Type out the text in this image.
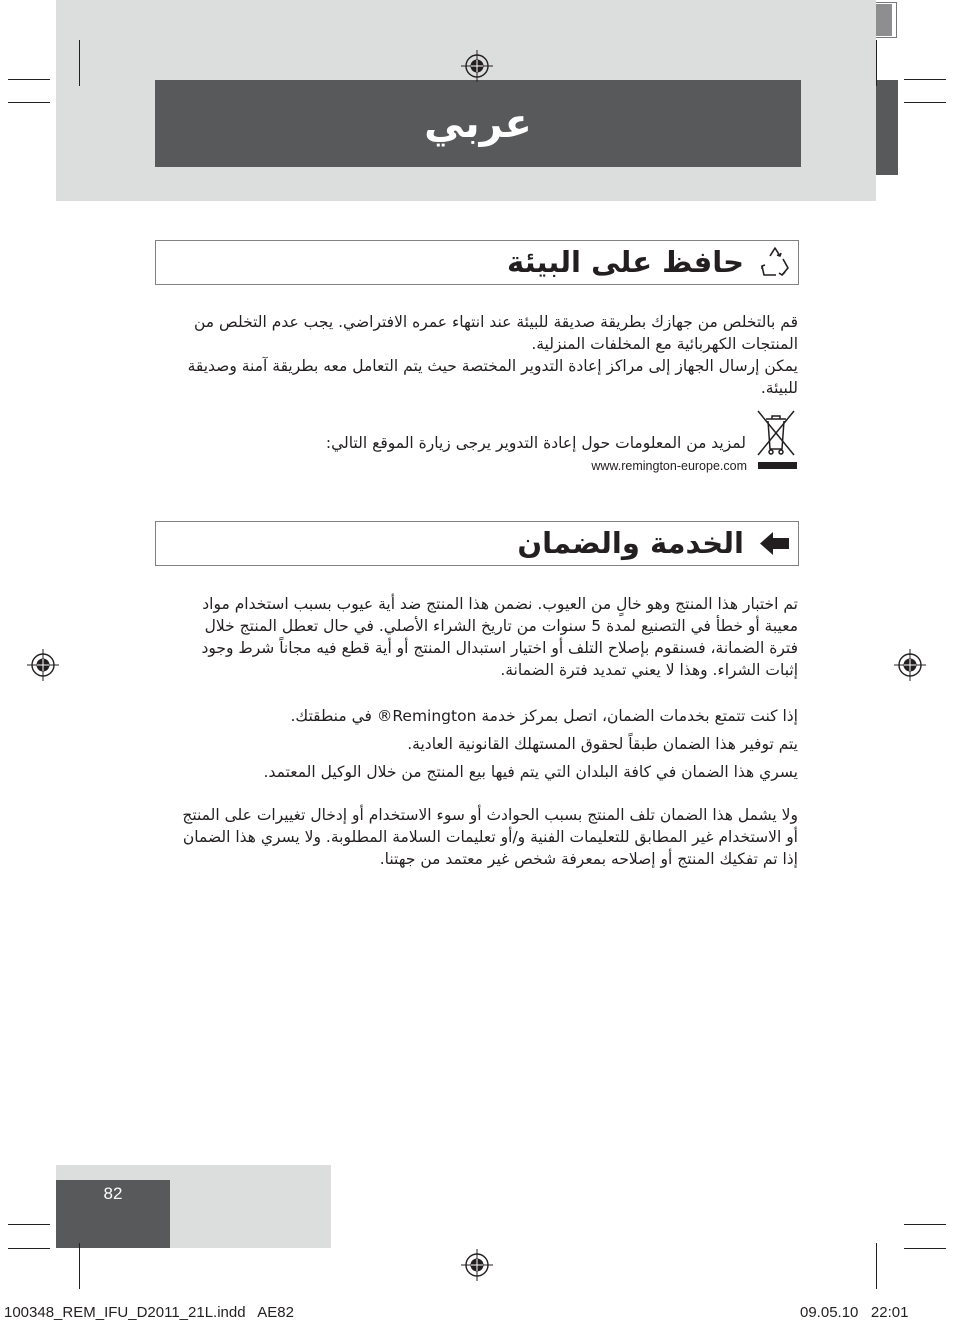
عربي
حافظ على البيئة
قم بالتخلص من جهازك بطريقة صديقة للبيئة عند انتهاء عمره الافتراضي. يجب عدم التخلص من المنتجات الكهربائية مع المخلفات المنزلية.
يمكن إرسال الجهاز إلى مراكز إعادة التدوير المختصة حيث يتم التعامل معه بطريقة آمنة وصديقة للبيئة.
لمزيد من المعلومات حول إعادة التدوير يرجى زيارة الموقع التالي:
www.remington-europe.com
الخدمة والضمان
تم اختبار هذا المنتج وهو خالٍ من العيوب. نضمن هذا المنتج ضد أية عيوب بسبب استخدام مواد معيبة أو خطأ في التصنيع لمدة 5 سنوات من تاريخ الشراء الأصلي. في حال تعطل المنتج خلال فترة الضمانة، فسنقوم بإصلاح التلف أو اختيار استبدال المنتج أو أية قطع فيه مجاناً شرط وجود إثبات الشراء. وهذا لا يعني تمديد فترة الضمانة.
إذا كنت تتمتع بخدمات الضمان، اتصل بمركز خدمة Remington® في منطقتك.
يتم توفير هذا الضمان طبقاً لحقوق المستهلك القانونية العادية.
يسري هذا الضمان في كافة البلدان التي يتم فيها بيع المنتج من خلال الوكيل المعتمد.
ولا يشمل هذا الضمان تلف المنتج بسبب الحوادث أو سوء الاستخدام أو إدخال تغييرات على المنتج أو الاستخدام غير المطابق للتعليمات الفنية و/أو تعليمات السلامة المطلوبة. ولا يسري هذا الضمان إذا تم تفكيك المنتج أو إصلاحه بمعرفة شخص غير معتمد من جهتنا.
82
100348_REM_IFU_D2011_21L.indd   AE82	09.05.10   22:01
